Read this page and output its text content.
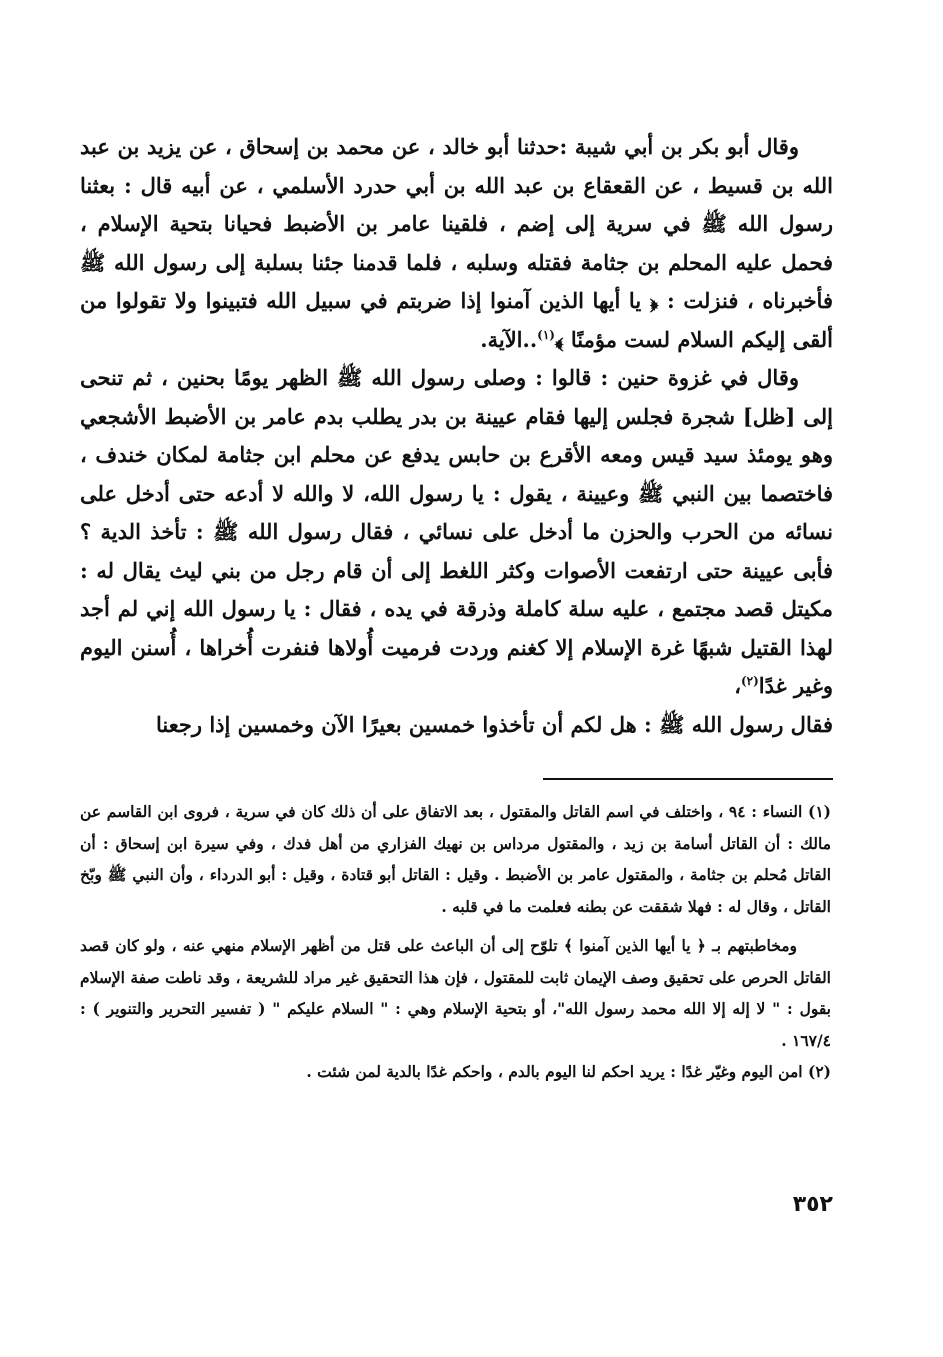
وقال أبو بكر بن أبي شيبة :حدثنا أبو خالد ، عن محمد بن إسحاق ، عن يزيد بن عبد الله بن قسيط ، عن القعقاع بن عبد الله بن أبي حدرد الأسلمي ، عن أبيه قال : بعثنا رسول الله ﷺ في سرية إلى إضم ، فلقينا عامر بن الأضبط فحيانا بتحية الإسلام ، فحمل عليه المحلم بن جثامة فقتله وسلبه ، فلما قدمنا جئنا بسلبة إلى رسول الله ﷺ فأخبرناه ، فنزلت : ﴿ يا أيها الذين آمنوا إذا ضربتم في سبيل الله فتبينوا ولا تقولوا من ألقى إليكم السلام لست مؤمنًا ﴾$^{(١)}$..الآية.

وقال في غزوة حنين : قالوا : وصلى رسول الله ﷺ الظهر يومًا بحنين ، ثم تنحى إلى [ظل] شجرة فجلس إليها فقام عيينة بن بدر يطلب بدم عامر بن الأضبط الأشجعي وهو يومئذ سيد قيس ومعه الأقرع بن حابس يدفع عن محلم ابن جثامة لمكان خندف ، فاختصما بين النبي ﷺ وعيينة ، يقول : يا رسول الله، لا والله لا أدعه حتى أدخل على نسائه من الحرب والحزن ما أدخل على نسائي ، فقال رسول الله ﷺ : تأخذ الدية ؟ فأبى عيينة حتى ارتفعت الأصوات وكثر اللغط إلى أن قام رجل من بني ليث يقال له : مكيتل قصد مجتمع ، عليه سلة كاملة وذرقة في يده ، فقال : يا رسول الله إني لم أجد لهذا القتيل شبهًا غرة الإسلام إلا كغنم وردت فرميت أُولاها فنفرت أُخراها ، أُسنن اليوم وغير غدًا$^{(٢)}$،

فقال رسول الله ﷺ : هل لكم أن تأخذوا خمسين بعيرًا الآن وخمسين إذا رجعنا

(١) النساء : ٩٤ ، واختلف في اسم القاتل والمقتول ، بعد الاتفاق على أن ذلك كان في سرية ، فروى ابن القاسم عن مالك : أن القاتل أسامة بن زيد ، والمقتول مرداس بن نهيك الفزاري من أهل فدك ، وفي سيرة ابن إسحاق : أن القاتل مُحلم بن جثامة ، والمقتول عامر بن الأضبط . وقيل : القاتل أبو قتادة ، وقيل : أبو الدرداء ، وأن النبي ﷺ وبّخ القاتل ، وقال له : فهلا شققت عن بطنه فعلمت ما في قلبه .

ومخاطبتهم بـ ﴿ يا أيها الذين آمنوا ﴾ تلوّح إلى أن الباعث على قتل من أظهر الإسلام منهي عنه ، ولو كان قصد القاتل الحرص على تحقيق وصف الإيمان ثابت للمقتول ، فإن هذا التحقيق غير مراد للشريعة ، وقد ناطت صفة الإسلام بقول : " لا إله إلا الله محمد رسول الله"، أو بتحية الإسلام وهي : " السلام عليكم " ( تفسير التحرير والتنوير ) : ١٦٧/٤ .

(٢) امن اليوم وغيّر غدًا : يريد احكم لنا اليوم بالدم ، واحكم غدًا بالدية لمن شئت .

٣٥٢
